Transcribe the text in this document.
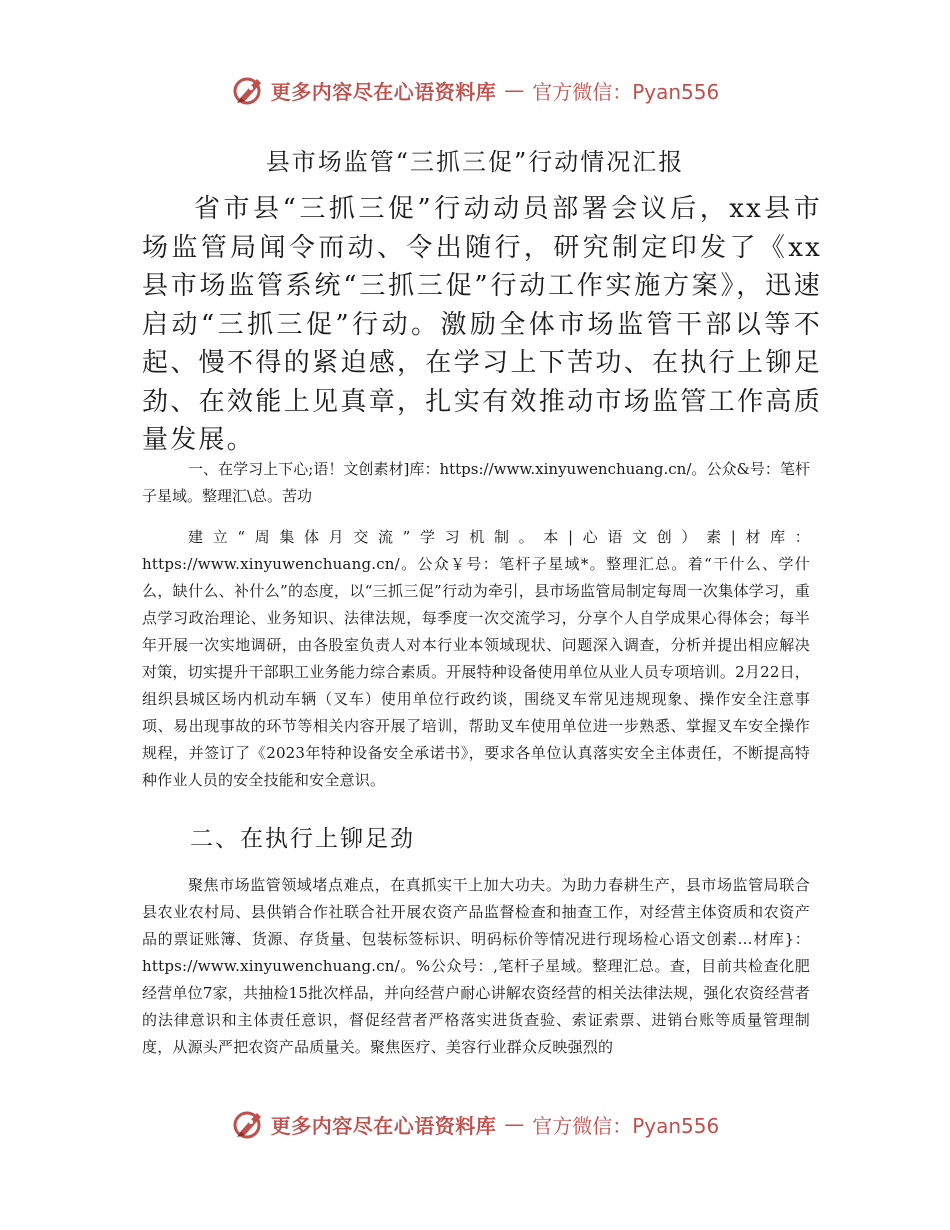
更多内容尽在心语资料库 — 官方微信：Pyan556
县市场监管“三抓三促”行动情况汇报

省市县“三抓三促”行动动员部署会议后，xx县市场监管局闻令而动、令出随行，研究制定印发了《xx县市场监管系统“三抓三促”行动工作实施方案》，迅速启动“三抓三促”行动。激励全体市场监管干部以等不起、慢不得的紧迫感，在学习上下苦功、在执行上铆足劲、在效能上见真章，扎实有效推动市场监管工作高质量发展。

一、在学习上下心;语！文创素材]库：https://www.xinyuwenchuang.cn/。公众&号：笔杆子星域。整理汇\总。苦功

建立“周集体月交流”学习机制。本|心语文创）素|材库：https://www.xinyuwenchuang.cn/。公众￥号：笔杆子星域*。整理汇总。着“干什么、学什么，缺什么、补什么”的态度，以“三抓三促”行动为牵引，县市场监管局制定每周一次集体学习，重点学习政治理论、业务知识、法律法规，每季度一次交流学习，分享个人自学成果心得体会；每半年开展一次实地调研，由各股室负责人对本行业本领域现状、问题深入调查，分析并提出相应解决对策，切实提升干部职工业务能力综合素质。开展特种设备使用单位从业人员专项培训。2月22日，组织县城区场内机动车辆（叉车）使用单位行政约谈，围绕叉车常见违规现象、操作安全注意事项、易出现事故的环节等相关内容开展了培训，帮助叉车使用单位进一步熟悉、掌握叉车安全操作规程，并签订了《2023年特种设备安全承诺书》，要求各单位认真落实安全主体责任，不断提高特种作业人员的安全技能和安全意识。

二、在执行上铆足劲

聚焦市场监管领域堵点难点，在真抓实干上加大功夫。为助力春耕生产，县市场监管局联合县农业农村局、县供销合作社联合社开展农资产品监督检查和抽查工作，对经营主体资质和农资产品的票证账簿、货源、存货量、包装标签标识、明码标价等情况进行现场检心语文创素…材库}：https://www.xinyuwenchuang.cn/。%公众号：,笔杆子星域。整理汇总。查，目前共检查化肥经营单位7家，共抽检15批次样品，并向经营户耐心讲解农资经营的相关法律法规，强化农资经营者的法律意识和主体责任意识，督促经营者严格落实进货查验、索证索票、进销台账等质量管理制度，从源头严把农资产品质量关。聚焦医疗、美容行业群众反映强烈的

更多内容尽在心语资料库 — 官方微信：Pyan556
